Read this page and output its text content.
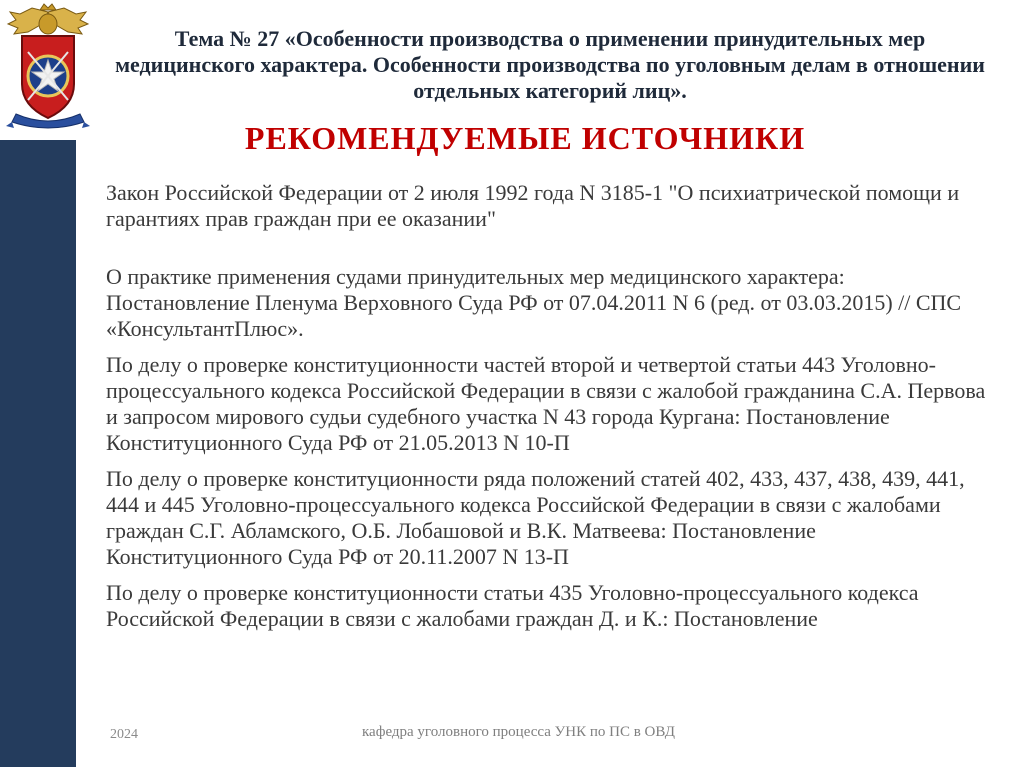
Тема № 27 «Особенности производства о применении принудительных мер медицинского характера. Особенности производства по уголовным делам в отношении отдельных категорий лиц».
РЕКОМЕНДУЕМЫЕ ИСТОЧНИКИ
Закон Российской Федерации от 2 июля 1992 года N 3185-1 "О психиатрической помощи и гарантиях прав граждан при ее оказании"
О практике применения судами принудительных мер медицинского характера: Постановление Пленума Верховного Суда РФ от 07.04.2011 N 6 (ред. от 03.03.2015) // СПС «КонсультантПлюс».
По делу о проверке конституционности частей второй и четвертой статьи 443 Уголовно-процессуального кодекса Российской Федерации в связи с жалобой гражданина С.А. Первова и запросом мирового судьи судебного участка N 43 города Кургана: Постановление Конституционного Суда РФ от 21.05.2013 N 10-П
По делу о проверке конституционности ряда положений статей 402, 433, 437, 438, 439, 441, 444 и 445 Уголовно-процессуального кодекса Российской Федерации в связи с жалобами граждан С.Г. Абламского, О.Б. Лобашовой и В.К. Матвеева: Постановление Конституционного Суда РФ от 20.11.2007 N 13-П
По делу о проверке конституционности статьи 435 Уголовно-процессуального кодекса Российской Федерации в связи с жалобами граждан Д. и К.: Постановление
2024	кафедра уголовного процесса УНК по ПС в ОВД
